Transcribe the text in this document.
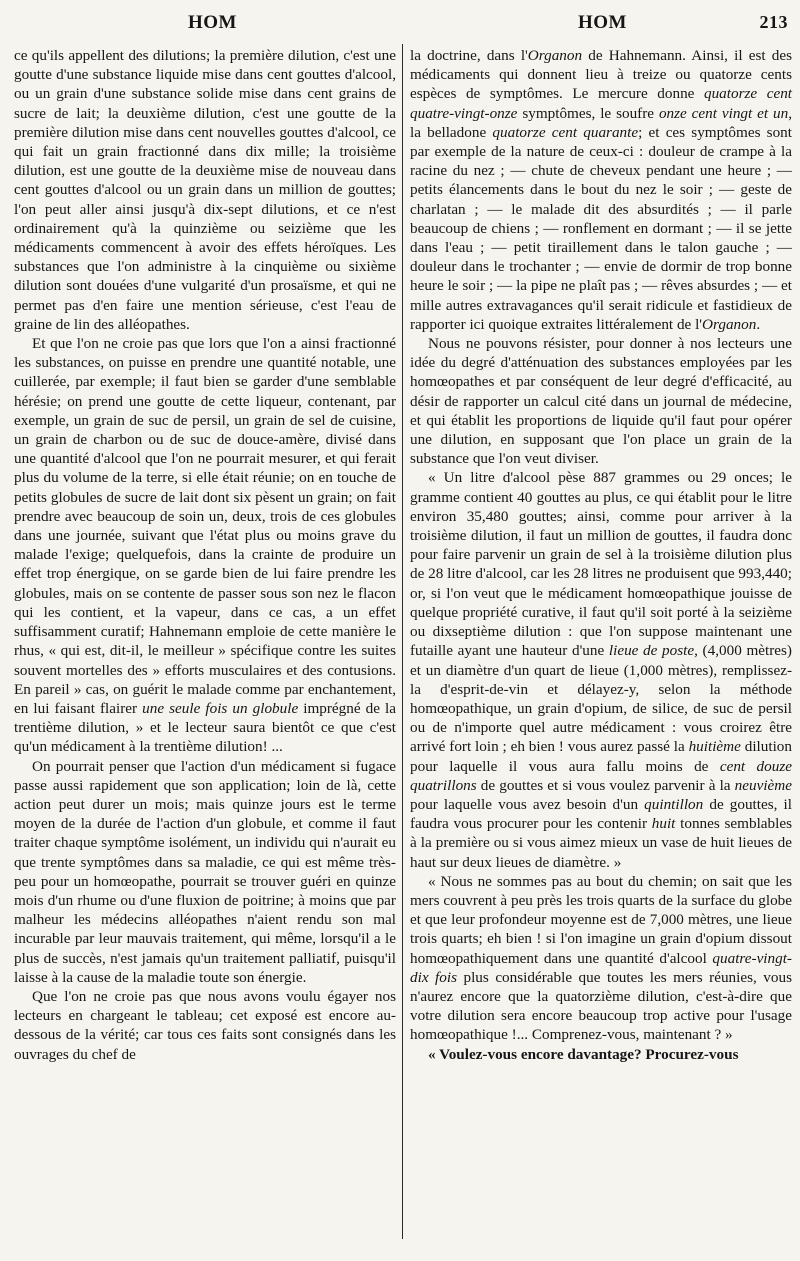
HOM	HOM	213

ce qu'ils appellent des dilutions; la première dilution, c'est une goutte d'une substance liquide mise dans cent gouttes d'alcool, ou un grain d'une substance solide mise dans cent grains de sucre de lait; la deuxième dilution, c'est une goutte de la première dilution mise dans cent nouvelles gouttes d'alcool, ce qui fait un grain fractionné dans dix mille; la troisième dilution, est une goutte de la deuxième mise de nouveau dans cent gouttes d'alcool ou un grain dans un million de gouttes; l'on peut aller ainsi jusqu'à dix-sept dilutions, et ce n'est ordinairement qu'à la quinzième ou seizième que les médicaments commencent à avoir des effets héroïques. Les substances que l'on administre à la cinquième ou sixième dilution sont douées d'une vulgarité d'un prosaïsme, et qui ne permet pas d'en faire une mention sérieuse, c'est l'eau de graine de lin des alléopathes.

Et que l'on ne croie pas que lors que l'on a ainsi fractionné les substances, on puisse en prendre une quantité notable, une cuillerée, par exemple; il faut bien se garder d'une semblable hérésie; on prend une goutte de cette liqueur, contenant, par exemple, un grain de suc de persil, un grain de sel de cuisine, un grain de charbon ou de suc de douce-amère, divisé dans une quantité d'alcool que l'on ne pourrait mesurer, et qui ferait plus du volume de la terre, si elle était réunie; on en touche de petits globules de sucre de lait dont six pèsent un grain; on fait prendre avec beaucoup de soin un, deux, trois de ces globules dans une journée, suivant que l'état plus ou moins grave du malade l'exige; quelquefois, dans la crainte de produire un effet trop énergique, on se garde bien de lui faire prendre les globules, mais on se contente de passer sous son nez le flacon qui les contient, et la vapeur, dans ce cas, a un effet suffisamment curatif; Hahnemann emploie de cette manière le rhus, « qui est, dit-il, le meilleur » spécifique contre les suites souvent mortelles des » efforts musculaires et des contusions. En pareil » cas, on guérit le malade comme par enchantement, en lui faisant flairer une seule fois un globule imprégné de la trentième dilution, » et le lecteur saura bientôt ce que c'est qu'un médicament à la trentième dilution! ...

On pourrait penser que l'action d'un médicament si fugace passe aussi rapidement que son application; loin de là, cette action peut durer un mois; mais quinze jours est le terme moyen de la durée de l'action d'un globule, et comme il faut traiter chaque symptôme isolément, un individu qui n'aurait eu que trente symptômes dans sa maladie, ce qui est même très-peu pour un homœopathe, pourrait se trouver guéri en quinze mois d'un rhume ou d'une fluxion de poitrine; à moins que par malheur les médecins alléopathes n'aient rendu son mal incurable par leur mauvais traitement, qui même, lorsqu'il a le plus de succès, n'est jamais qu'un traitement palliatif, puisqu'il laisse à la cause de la maladie toute son énergie.

Que l'on ne croie pas que nous avons voulu égayer nos lecteurs en chargeant le tableau; cet exposé est encore au-dessous de la vérité; car tous ces faits sont consignés dans les ouvrages du chef de

la doctrine, dans l'Organon de Hahnemann. Ainsi, il est des médicaments qui donnent lieu à treize ou quatorze cents espèces de symptômes. Le mercure donne quatorze cent quatre-vingt-onze symptômes, le soufre onze cent vingt et un, la belladone quatorze cent quarante; et ces symptômes sont par exemple de la nature de ceux-ci : douleur de crampe à la racine du nez ; — chute de cheveux pendant une heure ; — petits élancements dans le bout du nez le soir ; — geste de charlatan ; — le malade dit des absurdités ; — il parle beaucoup de chiens ; — ronflement en dormant ; — il se jette dans l'eau ; — petit tiraillement dans le talon gauche ; — douleur dans le trochanter ; — envie de dormir de trop bonne heure le soir ; — la pipe ne plaît pas ; — rêves absurdes ; — et mille autres extravagances qu'il serait ridicule et fastidieux de rapporter ici quoique extraites littéralement de l'Organon.

Nous ne pouvons résister, pour donner à nos lecteurs une idée du degré d'atténuation des substances employées par les homœopathes et par conséquent de leur degré d'efficacité, au désir de rapporter un calcul cité dans un journal de médecine, et qui établit les proportions de liquide qu'il faut pour opérer une dilution, en supposant que l'on place un grain de la substance que l'on veut diviser.

« Un litre d'alcool pèse 887 grammes ou 29 onces; le gramme contient 40 gouttes au plus, ce qui établit pour le litre environ 35,480 gouttes; ainsi, comme pour arriver à la troisième dilution, il faut un million de gouttes, il faudra donc pour faire parvenir un grain de sel à la troisième dilution plus de 28 litre d'alcool, car les 28 litres ne produisent que 993,440; or, si l'on veut que le médicament homœopathique jouisse de quelque propriété curative, il faut qu'il soit porté à la seizième ou dixseptième dilution : que l'on suppose maintenant une futaille ayant une hauteur d'une lieue de poste, (4,000 mètres) et un diamètre d'un quart de lieue (1,000 mètres), remplissez-la d'esprit-de-vin et délayez-y, selon la méthode homœopathique, un grain d'opium, de silice, de suc de persil ou de n'importe quel autre médicament : vous croirez être arrivé fort loin ; eh bien ! vous aurez passé la huitième dilution pour laquelle il vous aura fallu moins de cent douze quatrillons de gouttes et si vous voulez parvenir à la neuvième pour laquelle vous avez besoin d'un quintillon de gouttes, il faudra vous procurer pour les contenir huit tonnes semblables à la première ou si vous aimez mieux un vase de huit lieues de haut sur deux lieues de diamètre. »

« Nous ne sommes pas au bout du chemin; on sait que les mers couvrent à peu près les trois quarts de la surface du globe et que leur profondeur moyenne est de 7,000 mètres, une lieue trois quarts; eh bien ! si l'on imagine un grain d'opium dissout homœopathiquement dans une quantité d'alcool quatre-vingt-dix fois plus considérable que toutes les mers réunies, vous n'aurez encore que la quatorzième dilution, c'est-à-dire que votre dilution sera encore beaucoup trop active pour l'usage homœopathique !... Comprenez-vous, maintenant ? »

« Voulez-vous encore davantage? Procurez-vous
